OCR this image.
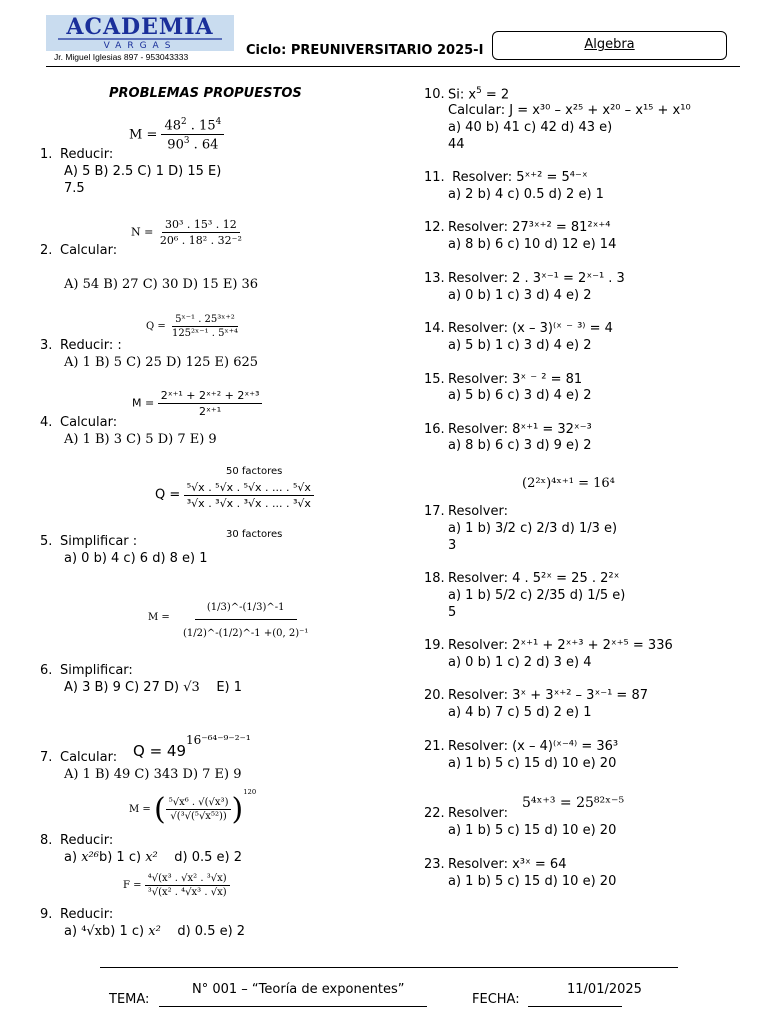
ACADEMIA
VARGAS
Jr. Miguel Iglesias 897 - 953043333	Ciclo: PREUNIVERSITARIO 2025-I	Algebra
PROBLEMAS PROPUESTOS
$M = \frac{48^2 . 15^4}{90^3 . 64}$
1. Reducir:
A) 5 B) 2.5 C) 1 D) 15 E)
7.5
$N = \frac{\text{30³ . 15³ . 12}}{\text{20⁶ . 18² . 32⁻²}}$
2. Calcular:
A) 54 B) 27 C) 30 D) 15 E) 36
$Q = \frac{\text{5ˣ⁻¹ . 25³ˣ⁺²}}{\text{125²ˣ⁻¹ . 5ˣ⁺⁴}}$
3. Reducir: :
A) 1 B) 5 C) 25 D) 125 E) 625
$M = \frac{\text{2ˣ⁺¹ + 2ˣ⁺² + 2ˣ⁺³}}{\text{2ˣ⁺¹}}$
4. Calcular:
A) 1 B) 3 C) 5 D) 7 E) 9
50 factores
$Q = \frac{\text{⁵√x . ⁵√x . ⁵√x . ... . ⁵√x}}{\text{³√x . ³√x . ³√x . ... . ³√x}}$
30 factores
5. Simplificar :
a) 0 b) 4 c) 6 d) 8 e) 1
$M = \frac{(1/3)\^{}-(1/3)\^{}-1}{\text{(1/2)\textasciicircum{}-(1/2)\textasciicircum{}-1 +(0, 2)⁻¹}}$
6. Simplificar:
A) 3 B) 9 C) 27 D) √3 E) 1
$Q = 49^{16^{-64-9-2-1}}$
7. Calcular:
A) 1 B) 49 C) 343 D) 7 E) 9
M = ( $\frac{\text{⁵√x⁶ . √(√x³)}}{\text{√(³√(⁵√x⁵²))}} )^{120}$
8. Reducir:
a) x²⁶b) 1 c) x² d) 0.5 e) 2
$F = \frac{\text{⁴√(x³ . √x² . ³√x)}}{\text{³√(x² . ⁴√x³ . √x)}}$
9. Reducir:
a) ⁴√xb) 1 c) x² d) 0.5 e) 2
10. Si: $x^5 = 2$
Calcular: J = x³⁰ – x²⁵ + x²⁰ – x¹⁵ + x¹⁰
a) 40 b) 41 c) 42 d) 43 e)
44
11. Resolver: 5ˣ⁺² = 5⁴⁻ˣ
a) 2 b) 4 c) 0.5 d) 2 e) 1
12. Resolver: 27³ˣ⁺² = 81²ˣ⁺⁴
a) 8 b) 6 c) 10 d) 12 e) 14
13. Resolver: 2 . 3ˣ⁻¹ = 2ˣ⁻¹ . 3
a) 0 b) 1 c) 3 d) 4 e) 2
14. Resolver: (x – 3)⁽ˣ ⁻ ³⁾ = 4
a) 5 b) 1 c) 3 d) 4 e) 2
15. Resolver: 3ˣ ⁻ ² = 81
a) 5 b) 6 c) 3 d) 4 e) 2
16. Resolver: 8ˣ⁺¹ = 32ˣ⁻³
a) 8 b) 6 c) 3 d) 9 e) 2
(2²ˣ)⁴ˣ⁺¹ = 16⁴
17. Resolver:
a) 1 b) 3/2 c) 2/3 d) 1/3 e)
3
18. Resolver: 4 . 5²ˣ = 25 . 2²ˣ
a) 1 b) 5/2 c) 2/35 d) 1/5 e)
5
19. Resolver: 2ˣ⁺¹ + 2ˣ⁺³ + 2ˣ⁺⁵ = 336
a) 0 b) 1 c) 2 d) 3 e) 4
20. Resolver: 3ˣ + 3ˣ⁺² – 3ˣ⁻¹ = 87
a) 4 b) 7 c) 5 d) 2 e) 1
21. Resolver: (x – 4)⁽ˣ⁻⁴⁾ = 36³
a) 1 b) 5 c) 15 d) 10 e) 20
5⁴ˣ⁺³ = 25⁸²ˣ⁻⁵
22. Resolver:
a) 1 b) 5 c) 15 d) 10 e) 20
23. Resolver: x³ˣ = 64
a) 1 b) 5 c) 15 d) 10 e) 20
N° 001 – “Teoría de exponentes”
TEMA:
11/01/2025
FECHA:
